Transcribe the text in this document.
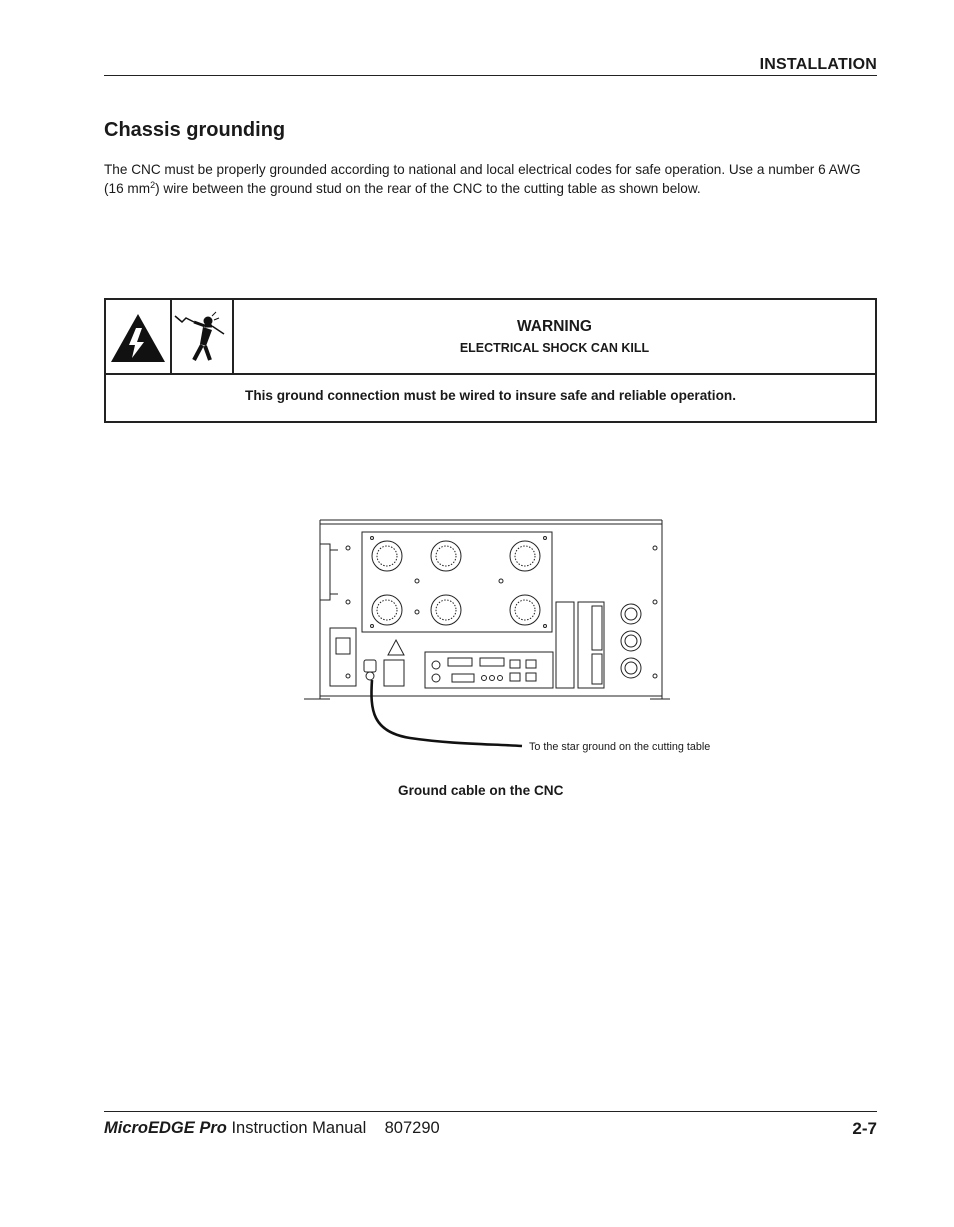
INSTALLATION
Chassis grounding

The CNC must be properly grounded according to national and local electrical codes for safe operation. Use a number 6 AWG (16 $mm^2$) wire between the ground stud on the rear of the CNC to the cutting table as shown below.

WARNING
ELECTRICAL SHOCK CAN KILL
This ground connection must be wired to insure safe and reliable operation.
To the star ground on the cutting table
Ground cable on the CNC
MicroEDGE Pro Instruction Manual 807290	2-7
